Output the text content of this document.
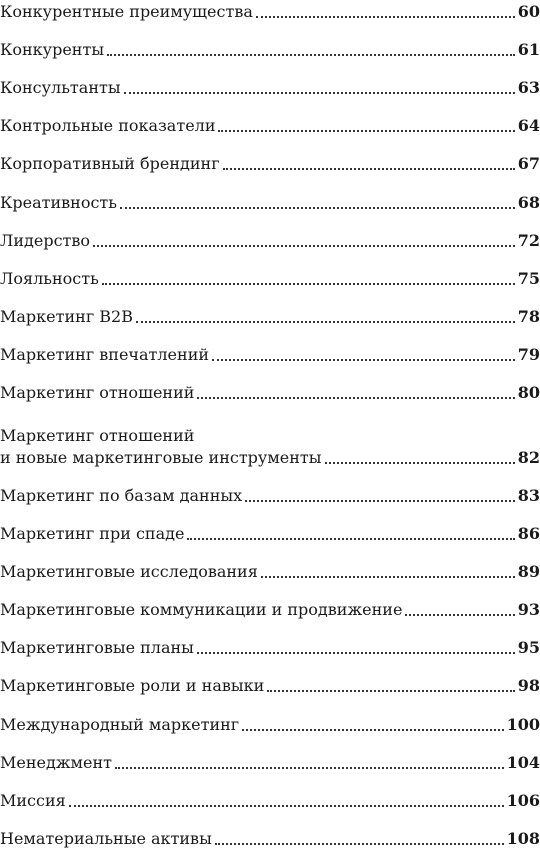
Конкурентные преимущества	60
Конкуренты	61
Консультанты	63
Контрольные показатели	64
Корпоративный брендинг	67
Креативность	68
Лидерство	72
Лояльность	75
Маркетинг B2B	78
Маркетинг впечатлений	79
Маркетинг отношений	80
Маркетинг отношений
и новые маркетинговые инструменты	82
Маркетинг по базам данных	83
Маркетинг при спаде	86
Маркетинговые исследования	89
Маркетинговые коммуникации и продвижение	93
Маркетинговые планы	95
Маркетинговые роли и навыки	98
Международный маркетинг	100
Менеджмент	104
Миссия	106
Нематериальные активы	108
